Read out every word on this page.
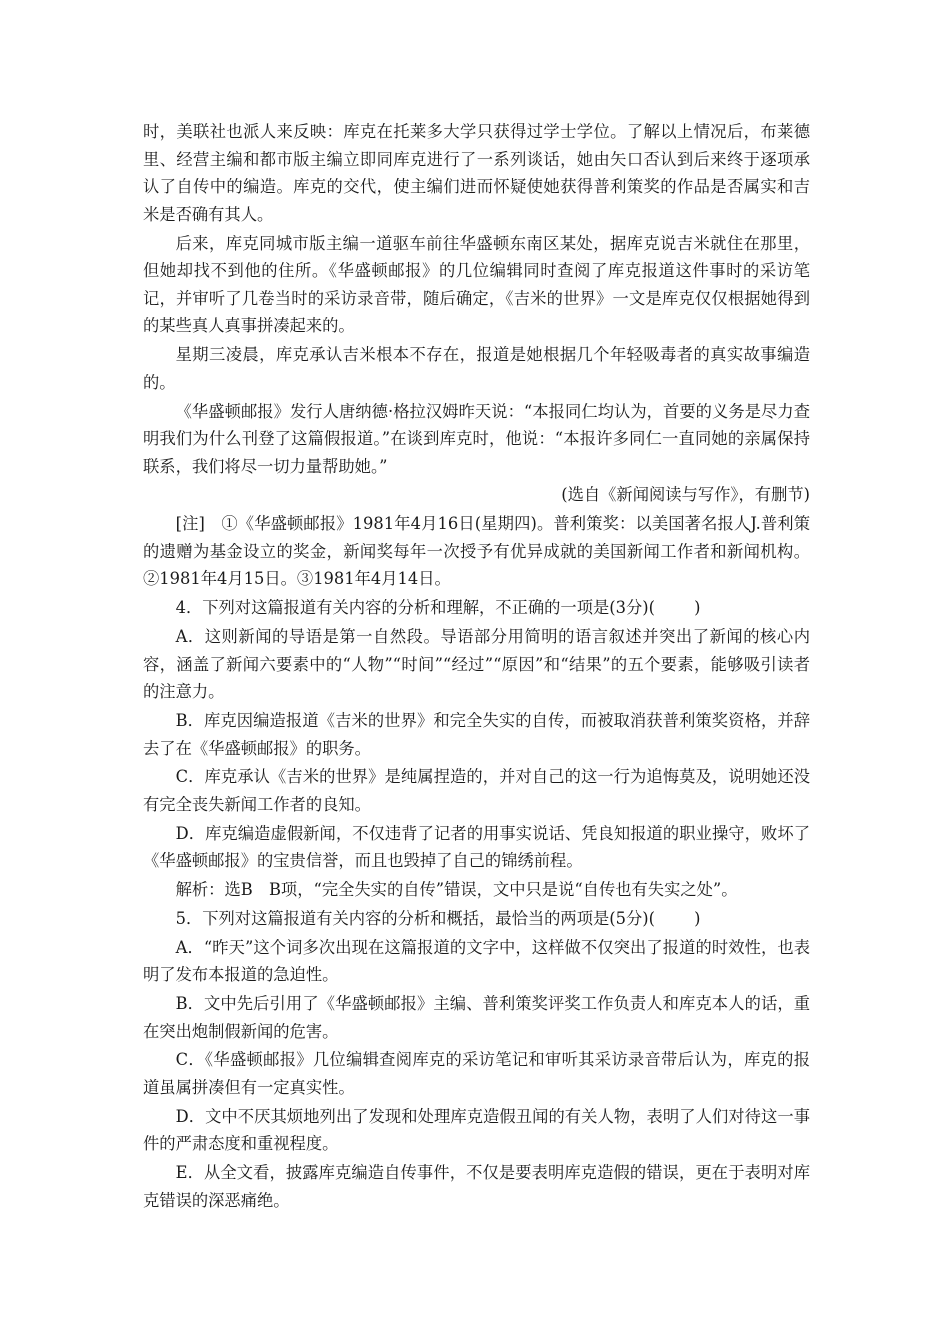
时，美联社也派人来反映：库克在托莱多大学只获得过学士学位。了解以上情况后，布莱德里、经营主编和都市版主编立即同库克进行了一系列谈话，她由矢口否认到后来终于逐项承认了自传中的编造。库克的交代，使主编们进而怀疑使她获得普利策奖的作品是否属实和吉米是否确有其人。

后来，库克同城市版主编一道驱车前往华盛顿东南区某处，据库克说吉米就住在那里，但她却找不到他的住所。《华盛顿邮报》的几位编辑同时查阅了库克报道这件事时的采访笔记，并审听了几卷当时的采访录音带，随后确定，《吉米的世界》一文是库克仅仅根据她得到的某些真人真事拼凑起来的。

星期三凌晨，库克承认吉米根本不存在，报道是她根据几个年轻吸毒者的真实故事编造的。

《华盛顿邮报》发行人唐纳德·格拉汉姆昨天说：“本报同仁均认为，首要的义务是尽力查明我们为什么刊登了这篇假报道。”在谈到库克时，他说：“本报许多同仁一直同她的亲属保持联系，我们将尽一切力量帮助她。”

(选自《新闻阅读与写作》，有删节)

[注]　①《华盛顿邮报》1981年4月16日(星期四)。普利策奖：以美国著名报人J.普利策的遗赠为基金设立的奖金，新闻奖每年一次授予有优异成就的美国新闻工作者和新闻机构。②1981年4月15日。③1981年4月14日。

4．下列对这篇报道有关内容的分析和理解，不正确的一项是(3分)( )

A．这则新闻的导语是第一自然段。导语部分用简明的语言叙述并突出了新闻的核心内容，涵盖了新闻六要素中的“人物”“时间”“经过”“原因”和“结果”的五个要素，能够吸引读者的注意力。

B．库克因编造报道《吉米的世界》和完全失实的自传，而被取消获普利策奖资格，并辞去了在《华盛顿邮报》的职务。

C．库克承认《吉米的世界》是纯属捏造的，并对自己的这一行为追悔莫及，说明她还没有完全丧失新闻工作者的良知。

D．库克编造虚假新闻，不仅违背了记者的用事实说话、凭良知报道的职业操守，败坏了《华盛顿邮报》的宝贵信誉，而且也毁掉了自己的锦绣前程。

解析：选B　B项，“完全失实的自传”错误，文中只是说“自传也有失实之处”。

5．下列对这篇报道有关内容的分析和概括，最恰当的两项是(5分)( )

A．“昨天”这个词多次出现在这篇报道的文字中，这样做不仅突出了报道的时效性，也表明了发布本报道的急迫性。

B．文中先后引用了《华盛顿邮报》主编、普利策奖评奖工作负责人和库克本人的话，重在突出炮制假新闻的危害。

C．《华盛顿邮报》几位编辑查阅库克的采访笔记和审听其采访录音带后认为，库克的报道虽属拼凑但有一定真实性。

D．文中不厌其烦地列出了发现和处理库克造假丑闻的有关人物，表明了人们对待这一事件的严肃态度和重视程度。

E．从全文看，披露库克编造自传事件，不仅是要表明库克造假的错误，更在于表明对库克错误的深恶痛绝。
